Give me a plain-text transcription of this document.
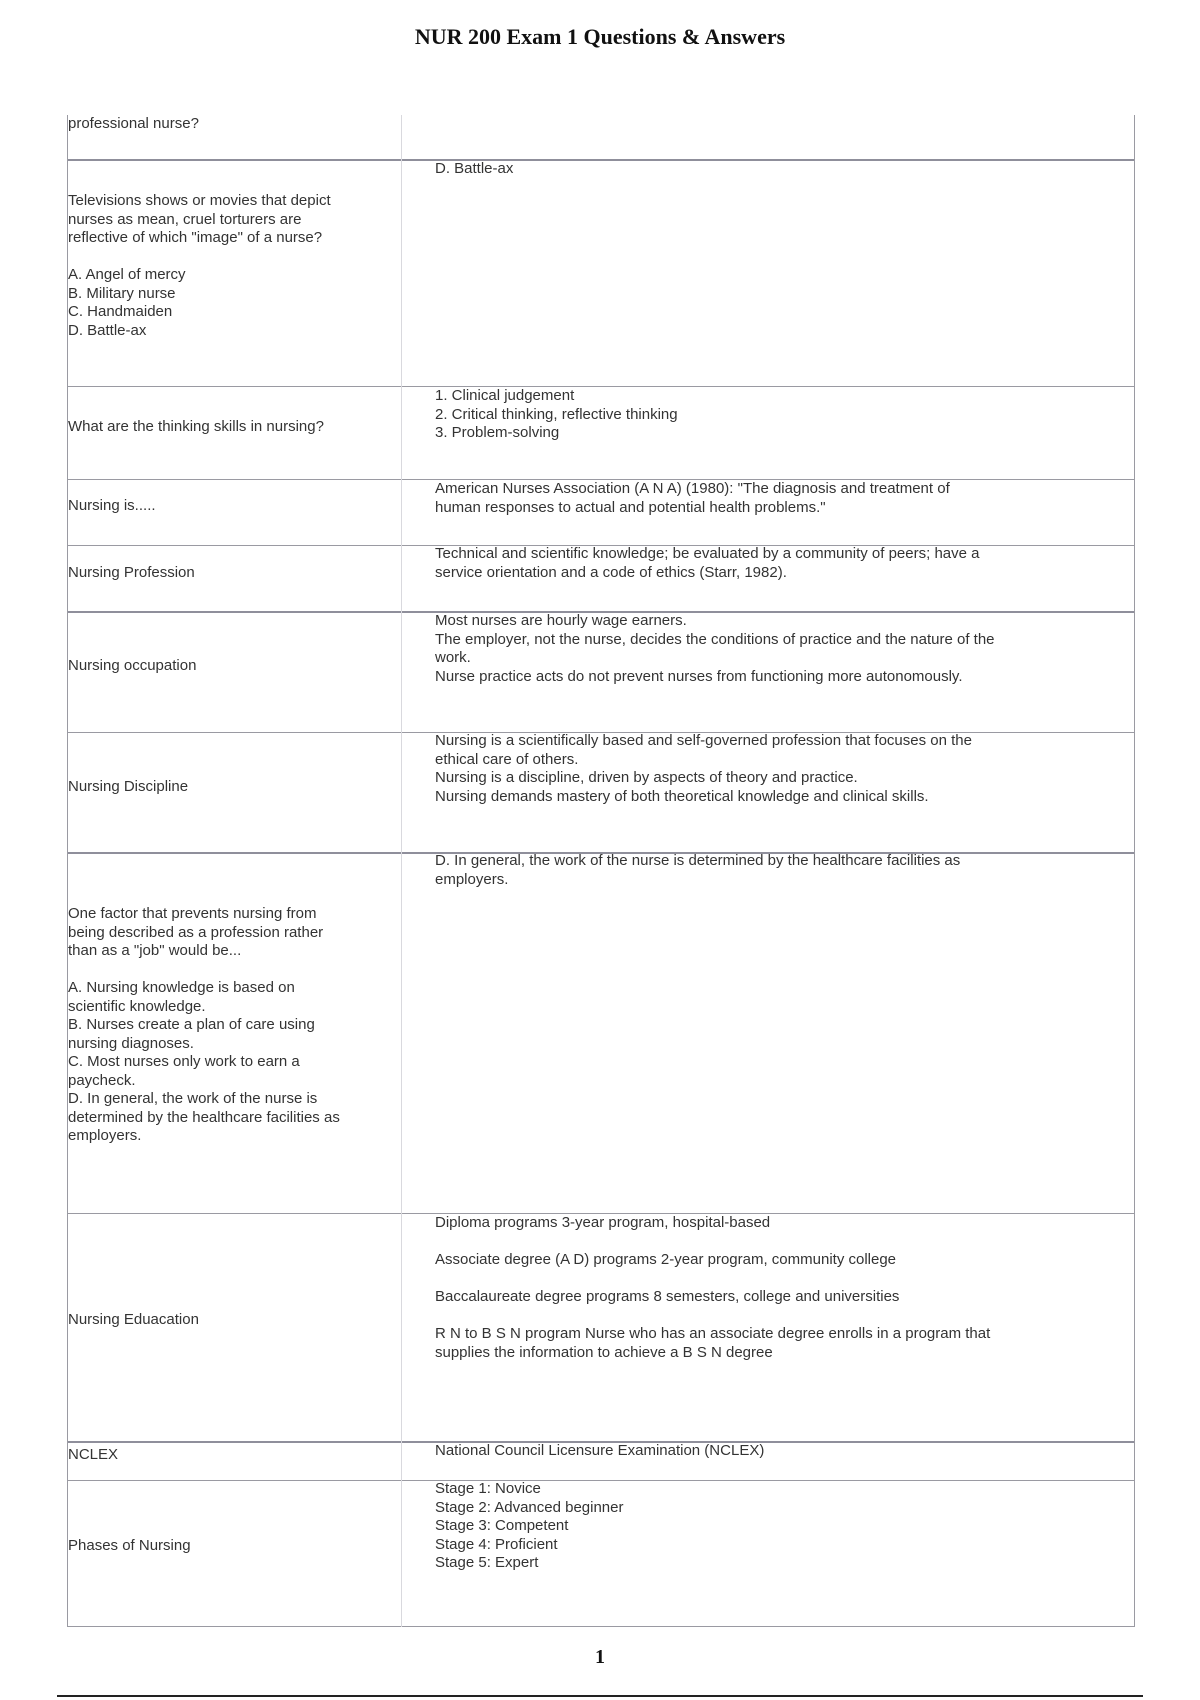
NUR 200 Exam 1 Questions & Answers
professional nurse?
D. Battle-ax
Televisions shows or movies that depict
nurses as mean, cruel torturers are
reflective of which "image" of a nurse?

A. Angel of mercy
B. Military nurse
C. Handmaiden
D. Battle-ax
1. Clinical judgement
2. Critical thinking, reflective thinking
3. Problem-solving
What are the thinking skills in nursing?
American Nurses Association (A N A) (1980): "The diagnosis and treatment of
human responses to actual and potential health problems."
Nursing is.....
Technical and scientific knowledge; be evaluated by a community of peers; have a
service orientation and a code of ethics (Starr, 1982).
Nursing Profession
Most nurses are hourly wage earners.
The employer, not the nurse, decides the conditions of practice and the nature of the
work.
Nurse practice acts do not prevent nurses from functioning more autonomously.
Nursing occupation
Nursing is a scientifically based and self-governed profession that focuses on the
ethical care of others.
Nursing is a discipline, driven by aspects of theory and practice.
Nursing demands mastery of both theoretical knowledge and clinical skills.
Nursing Discipline
D. In general, the work of the nurse is determined by the healthcare facilities as
employers.
One factor that prevents nursing from
being described as a profession rather
than as a "job" would be...

A. Nursing knowledge is based on
scientific knowledge.
B. Nurses create a plan of care using
nursing diagnoses.
C. Most nurses only work to earn a
paycheck.
D. In general, the work of the nurse is
determined by the healthcare facilities as
employers.
Diploma programs 3-year program, hospital-based

Associate degree (A D) programs 2-year program, community college

Baccalaureate degree programs 8 semesters, college and universities

R N to B S N program Nurse who has an associate degree enrolls in a program that
supplies the information to achieve a B S N degree
Nursing Eduacation
National Council Licensure Examination (NCLEX)
NCLEX
Stage 1: Novice
Stage 2: Advanced beginner
Stage 3: Competent
Stage 4: Proficient
Stage 5: Expert
Phases of Nursing
1
